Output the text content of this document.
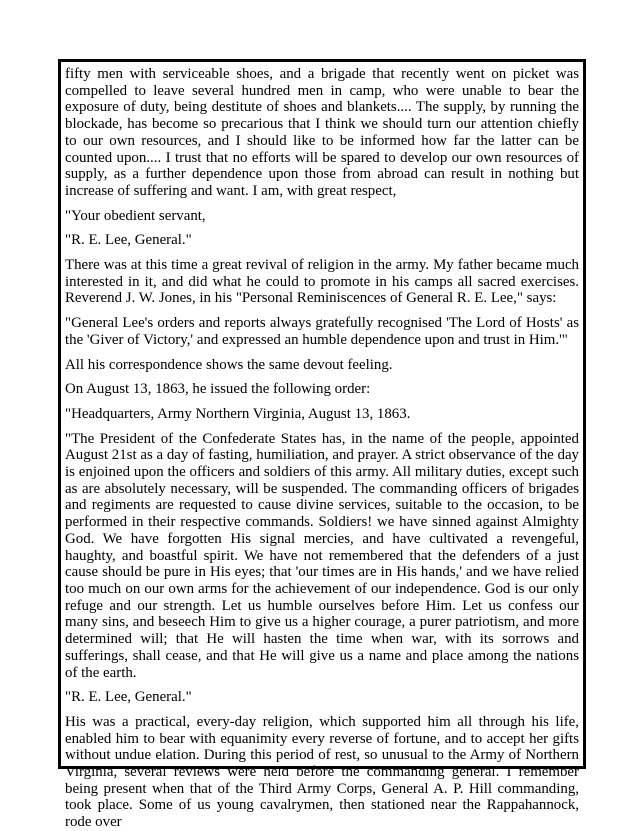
fifty men with serviceable shoes, and a brigade that recently went on picket was compelled to leave several hundred men in camp, who were unable to bear the exposure of duty, being destitute of shoes and blankets.... The supply, by running the blockade, has become so precarious that I think we should turn our attention chiefly to our own resources, and I should like to be informed how far the latter can be counted upon.... I trust that no efforts will be spared to develop our own resources of supply, as a further dependence upon those from abroad can result in nothing but increase of suffering and want. I am, with great respect,

"Your obedient servant,

"R. E. Lee, General."

There was at this time a great revival of religion in the army. My father became much interested in it, and did what he could to promote in his camps all sacred exercises. Reverend J. W. Jones, in his "Personal Reminiscences of General R. E. Lee," says:

"General Lee's orders and reports always gratefully recognised 'The Lord of Hosts' as the 'Giver of Victory,' and expressed an humble dependence upon and trust in Him.'"

All his correspondence shows the same devout feeling.

On August 13, 1863, he issued the following order:

"Headquarters, Army Northern Virginia, August 13, 1863.

"The President of the Confederate States has, in the name of the people, appointed August 21st as a day of fasting, humiliation, and prayer. A strict observance of the day is enjoined upon the officers and soldiers of this army. All military duties, except such as are absolutely necessary, will be suspended. The commanding officers of brigades and regiments are requested to cause divine services, suitable to the occasion, to be performed in their respective commands. Soldiers! we have sinned against Almighty God. We have forgotten His signal mercies, and have cultivated a revengeful, haughty, and boastful spirit. We have not remembered that the defenders of a just cause should be pure in His eyes; that 'our times are in His hands,' and we have relied too much on our own arms for the achievement of our independence. God is our only refuge and our strength. Let us humble ourselves before Him. Let us confess our many sins, and beseech Him to give us a higher courage, a purer patriotism, and more determined will; that He will hasten the time when war, with its sorrows and sufferings, shall cease, and that He will give us a name and place among the nations of the earth.

"R. E. Lee, General."

His was a practical, every-day religion, which supported him all through his life, enabled him to bear with equanimity every reverse of fortune, and to accept her gifts without undue elation. During this period of rest, so unusual to the Army of Northern Virginia, several reviews were held before the commanding general. I remember being present when that of the Third Army Corps, General A. P. Hill commanding, took place. Some of us young cavalrymen, then stationed near the Rappahannock, rode over
